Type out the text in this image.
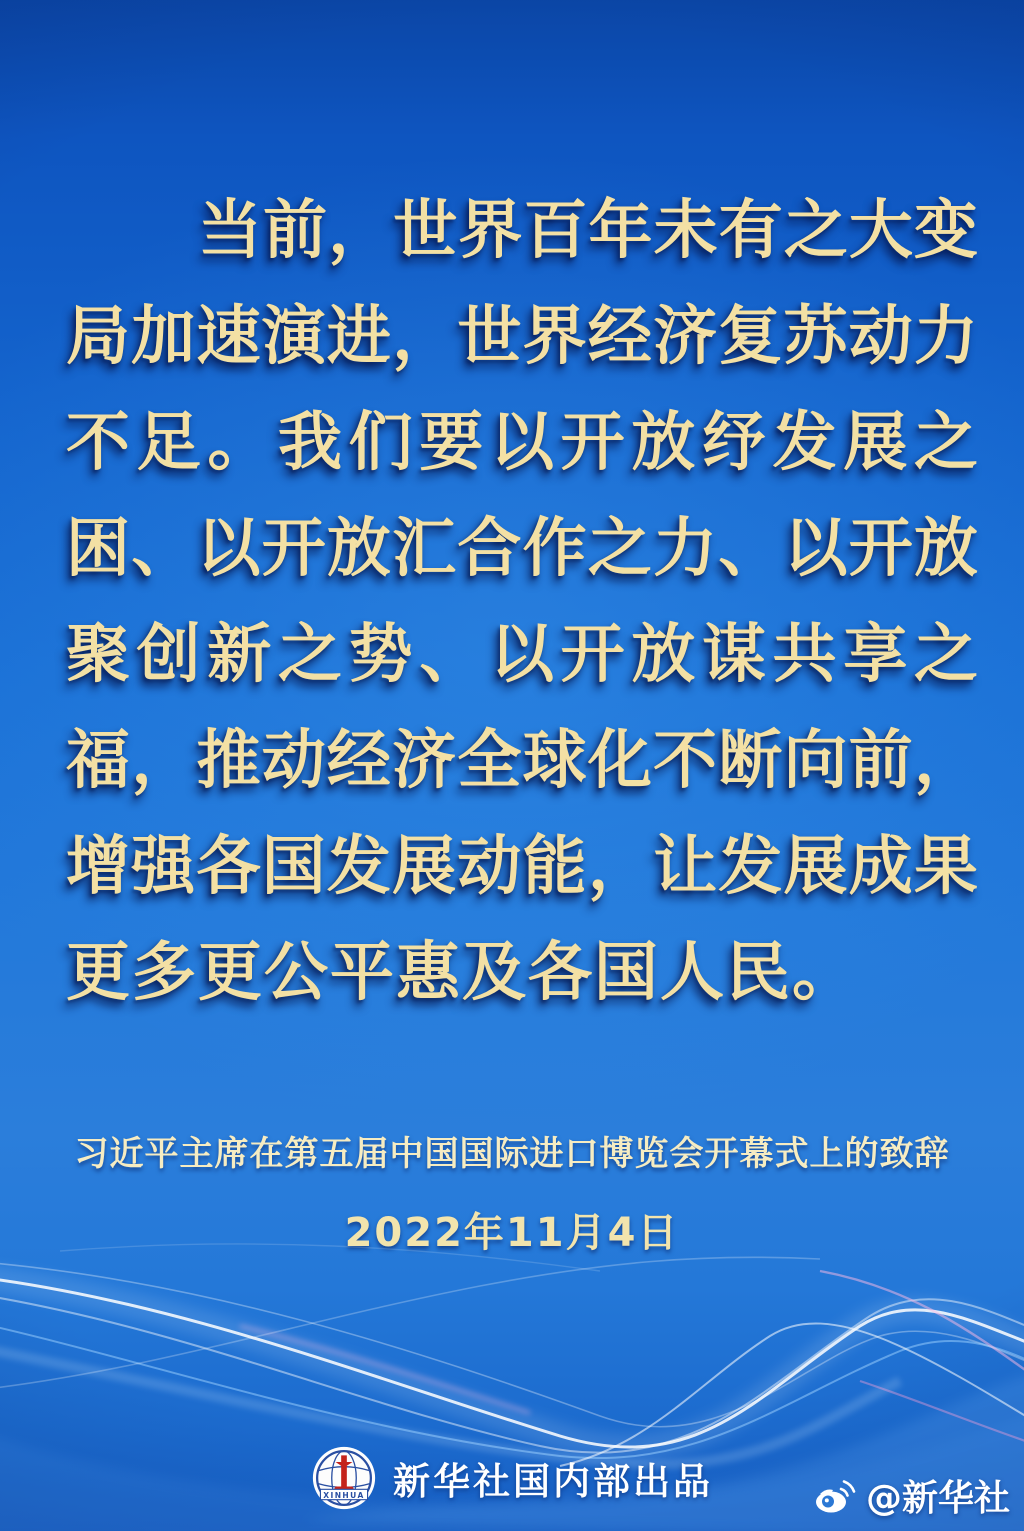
当前，世界百年未有之大变
局加速演进，世界经济复苏动力
不足。我们要以开放纾发展之
困、以开放汇合作之力、以开放
聚创新之势、以开放谋共享之
福，推动经济全球化不断向前，
增强各国发展动能，让发展成果
更多更公平惠及各国人民。
习近平主席在第五届中国国际进口博览会开幕式上的致辞
2022年11月4日
XINHUA 新华社国内部出品	@新华社
